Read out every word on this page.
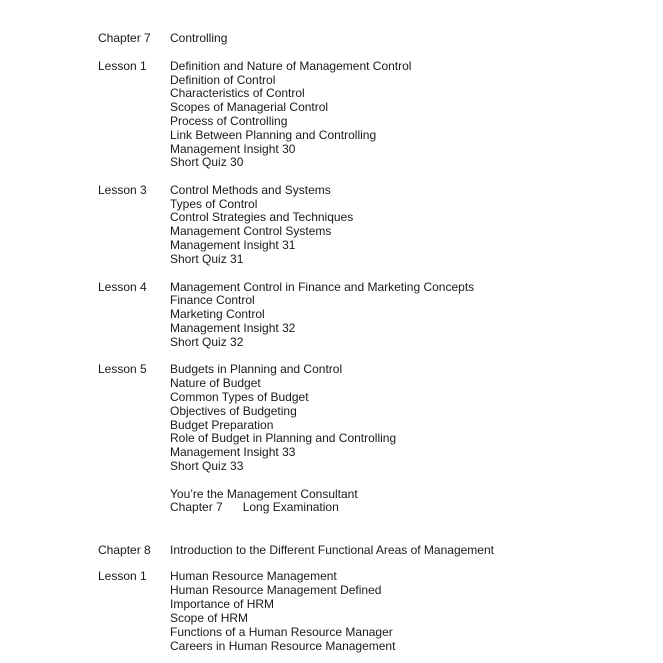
Chapter 7 Controlling
Lesson 1 Definition and Nature of Management Control
Definition of Control
Characteristics of Control
Scopes of Managerial Control
Process of Controlling
Link Between Planning and Controlling
Management Insight 30
Short Quiz 30
Lesson 3 Control Methods and Systems
Types of Control
Control Strategies and Techniques
Management Control Systems
Management Insight 31
Short Quiz 31
Lesson 4 Management Control in Finance and Marketing Concepts
Finance Control
Marketing Control
Management Insight 32
Short Quiz 32
Lesson 5 Budgets in Planning and Control
Nature of Budget
Common Types of Budget
Objectives of Budgeting
Budget Preparation
Role of Budget in Planning and Controlling
Management Insight 33
Short Quiz 33
You’re the Management Consultant
Chapter 7 Long Examination
Chapter 8 Introduction to the Different Functional Areas of Management
Lesson 1 Human Resource Management
Human Resource Management Defined
Importance of HRM
Scope of HRM
Functions of a Human Resource Manager
Careers in Human Resource Management
